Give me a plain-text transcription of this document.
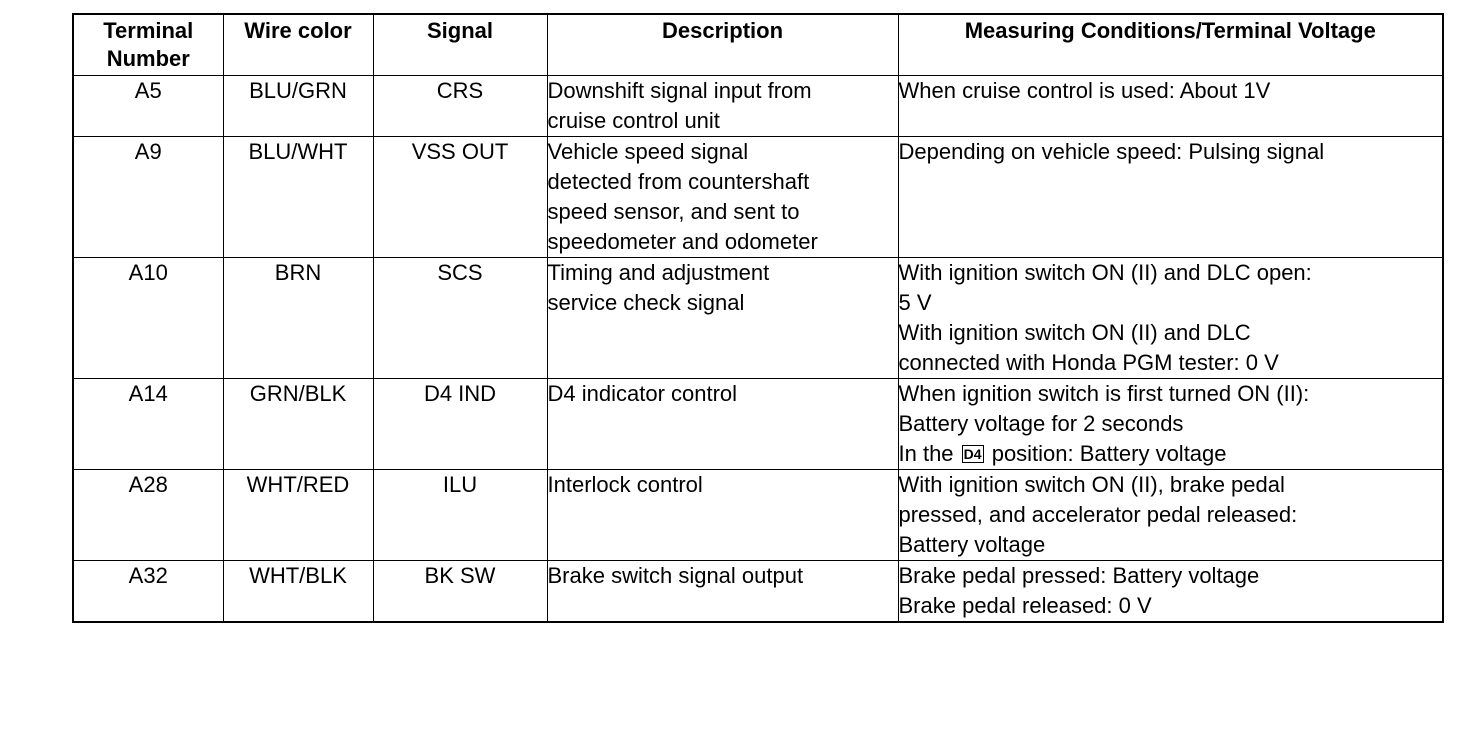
Terminal
Number	Wire color	Signal	Description	Measuring Conditions/Terminal Voltage
A5	BLU/GRN	CRS	Downshift signal input from
cruise control unit	When cruise control is used: About 1V

A9	BLU/WHT	VSS OUT	Vehicle speed signal
detected from countershaft
speed sensor, and sent to
speedometer and odometer	Depending on vehicle speed: Pulsing signal

A10	BRN	SCS	Timing and adjustment
service check signal	With ignition switch ON (II) and DLC open:
5 V
With ignition switch ON (II) and DLC
connected with Honda PGM tester: 0 V

A14	GRN/BLK	D4 IND	D4 indicator control	When ignition switch is first turned ON (II):
Battery voltage for 2 seconds
In the D4 position: Battery voltage

A28	WHT/RED	ILU	Interlock control	With ignition switch ON (II), brake pedal
pressed, and accelerator pedal released:
Battery voltage

A32	WHT/BLK	BK SW	Brake switch signal output	Brake pedal pressed: Battery voltage
Brake pedal released: 0 V
